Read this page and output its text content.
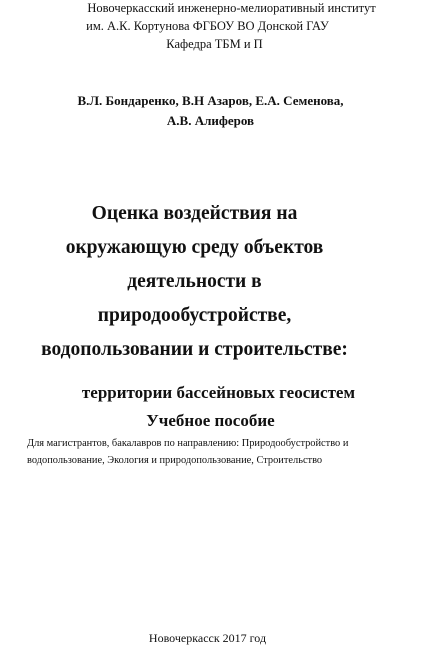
Новочеркасский инженерно-мелиоративный институт
им. А.К. Кортунова ФГБОУ ВО Донской ГАУ
Кафедра ТБМ и П
В.Л. Бондаренко, В.Н Азаров, Е.А. Семенова,
А.В. Алиферов
Оценка воздействия на
окружающую среду объектов
деятельности в
природообустройстве,
водопользовании и строительстве:
территории бассейновых геосистем
Учебное пособие
Для магистрантов, бакалавров по направлению: Природообустройство и
водопользование, Экология и природопользование, Строительство
Новочеркасск 2017 год
